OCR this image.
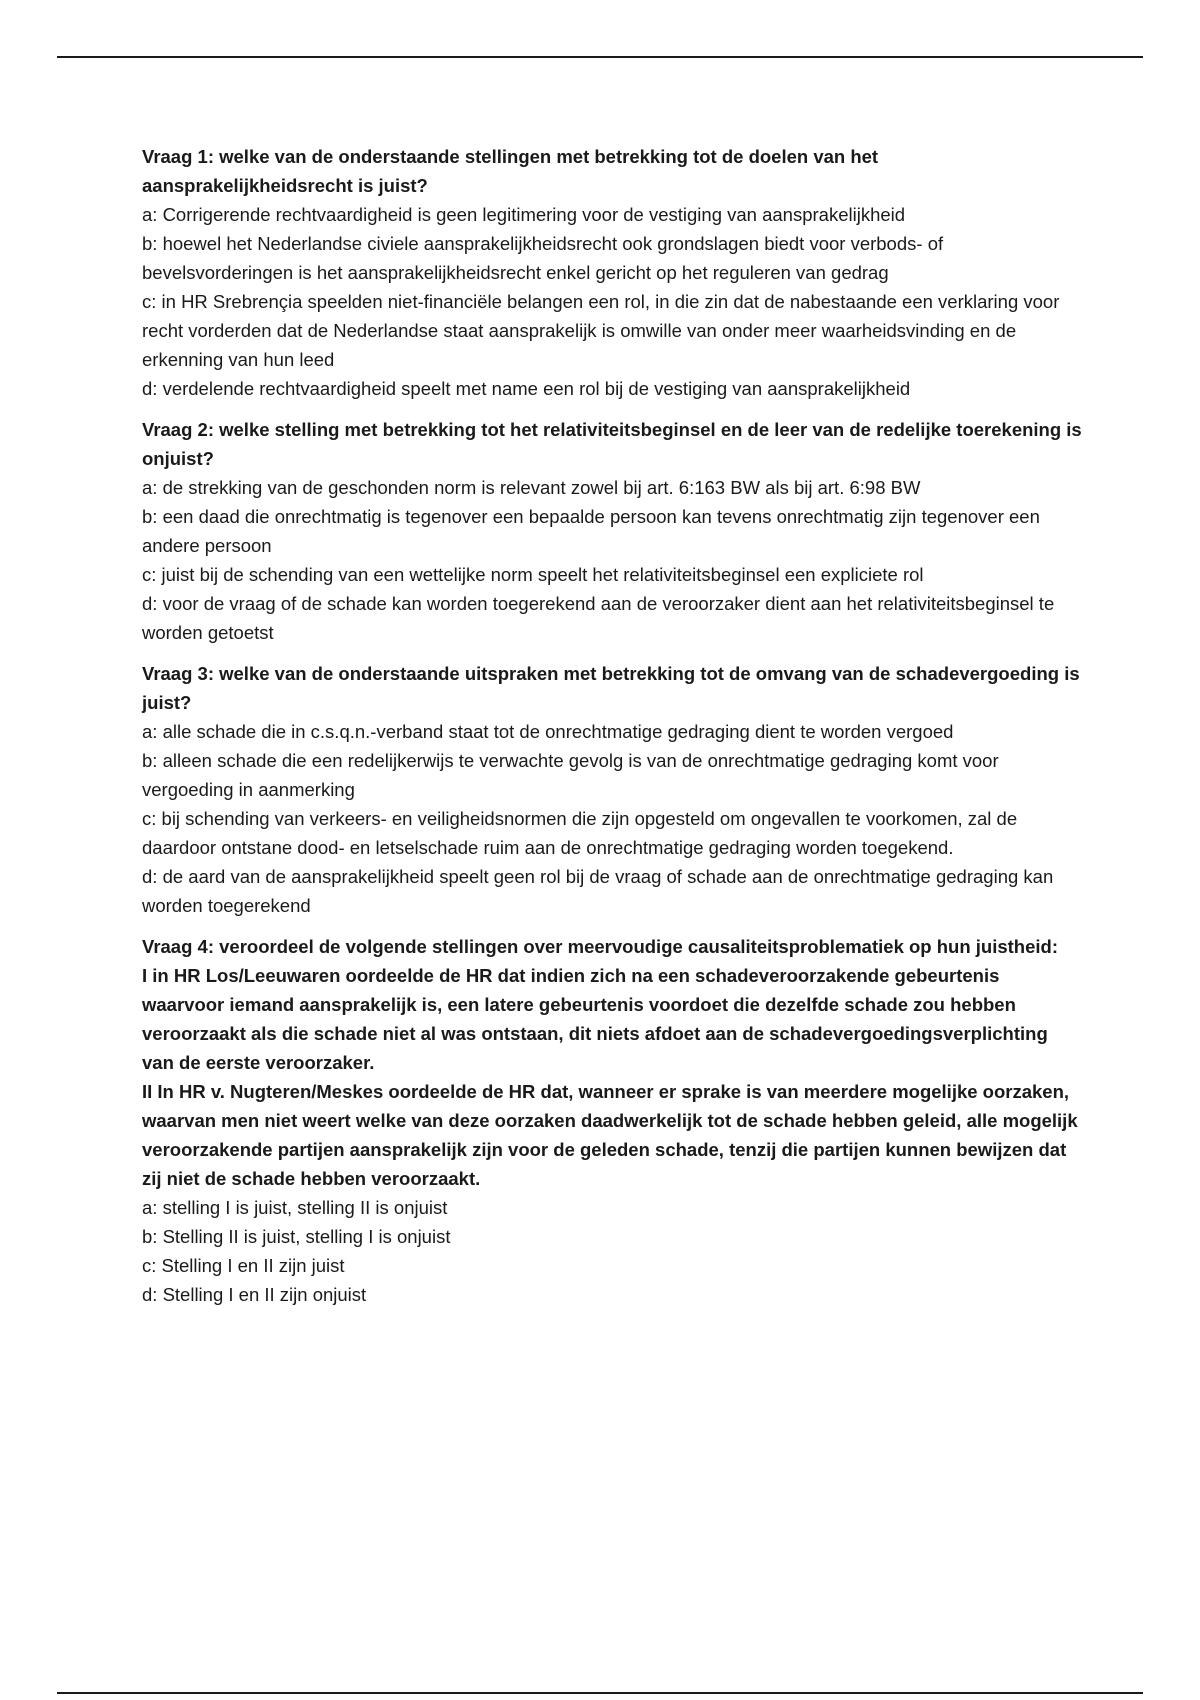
Vraag 1: welke van de onderstaande stellingen met betrekking tot de doelen van het aansprakelijkheidsrecht is juist?

a: Corrigerende rechtvaardigheid is geen legitimering voor de vestiging van aansprakelijkheid

b: hoewel het Nederlandse civiele aansprakelijkheidsrecht ook grondslagen biedt voor verbods- of bevelsvorderingen is het aansprakelijkheidsrecht enkel gericht op het reguleren van gedrag

c: in HR Srebrençia speelden niet-financiële belangen een rol, in die zin dat de nabestaande een verklaring voor recht vorderden dat de Nederlandse staat aansprakelijk is omwille van onder meer waarheidsvinding en de erkenning van hun leed

d: verdelende rechtvaardigheid speelt met name een rol bij de vestiging van aansprakelijkheid

Vraag 2: welke stelling met betrekking tot het relativiteitsbeginsel en de leer van de redelijke toerekening is onjuist?

a: de strekking van de geschonden norm is relevant zowel bij art. 6:163 BW als bij art. 6:98 BW

b: een daad die onrechtmatig is tegenover een bepaalde persoon kan tevens onrechtmatig zijn tegenover een andere persoon

c: juist bij de schending van een wettelijke norm speelt het relativiteitsbeginsel een expliciete rol

d: voor de vraag of de schade kan worden toegerekend aan de veroorzaker dient aan het relativiteitsbeginsel te worden getoetst

Vraag 3: welke van de onderstaande uitspraken met betrekking tot de omvang van de schadevergoeding is juist?

a: alle schade die in c.s.q.n.-verband staat tot de onrechtmatige gedraging dient te worden vergoed

b: alleen schade die een redelijkerwijs te verwachte gevolg is van de onrechtmatige gedraging komt voor vergoeding in aanmerking

c: bij schending van verkeers- en veiligheidsnormen die zijn opgesteld om ongevallen te voorkomen, zal de daardoor ontstane dood- en letselschade ruim aan de onrechtmatige gedraging worden toegekend.

d: de aard van de aansprakelijkheid speelt geen rol bij de vraag of schade aan de onrechtmatige gedraging kan worden toegerekend

Vraag 4: veroordeel de volgende stellingen over meervoudige causaliteitsproblematiek op hun juistheid:

I in HR Los/Leeuwaren oordeelde de HR dat indien zich na een schadeveroorzakende gebeurtenis waarvoor iemand aansprakelijk is, een latere gebeurtenis voordoet die dezelfde schade zou hebben veroorzaakt als die schade niet al was ontstaan, dit niets afdoet aan de schadevergoedingsverplichting van de eerste veroorzaker.

II In HR v. Nugteren/Meskes oordeelde de HR dat, wanneer er sprake is van meerdere mogelijke oorzaken, waarvan men niet weert welke van deze oorzaken daadwerkelijk tot de schade hebben geleid, alle mogelijk veroorzakende partijen aansprakelijk zijn voor de geleden schade, tenzij die partijen kunnen bewijzen dat zij niet de schade hebben veroorzaakt.

a: stelling I is juist, stelling II is onjuist

b: Stelling II is juist, stelling I is onjuist

c: Stelling I en II zijn juist

d: Stelling I en II zijn onjuist
